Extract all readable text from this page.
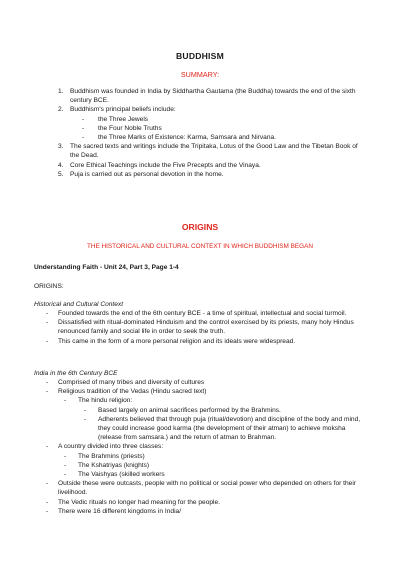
BUDDHISM
SUMMARY:
1. Buddhism was founded in India by Siddhartha Gautama (the Buddha) towards the end of the sixth century BCE.
2. Buddhism's principal beliefs include:
- the Three Jewels
- the Four Noble Truths
- the Three Marks of Existence: Karma, Samsara and Nirvana.
3. The sacred texts and writings include the Tripitaka, Lotus of the Good Law and the Tibetan Book of the Dead.
4. Core Ethical Teachings include the Five Precepts and the Vinaya.
5. Puja is carried out as personal devotion in the home.
ORIGINS
THE HISTORICAL AND CULTURAL CONTEXT IN WHICH BUDDHISM BEGAN
Understanding Faith - Unit 24, Part 3, Page 1-4
ORIGINS:
Historical and Cultural Context
- Founded towards the end of the 6th century BCE - a time of spiritual, intellectual and social turmoil.
- Dissatisfied with ritual-dominated Hinduism and the control exercised by its priests, many holy Hindus renounced family and social life in order to seek the truth.
- This came in the form of a more personal religion and its ideals were widespread.
India in the 6th Century BCE
- Comprised of many tribes and diversity of cultures
- Religious tradition of the Vedas (Hindu sacred text)
- The hindu religion:
- Based largely on animal sacrifices performed by the Brahmins.
- Adherents believed that through puja (ritual/devotion) and discipline of the body and mind, they could increase good karma (the development of their atman) to achieve moksha (release from samsara.) and the return of atman to Brahman.
- A country divided into three classes:
- The Brahmins (priests)
- The Kshatriyas (knights)
- The Vaishyas (skilled workers
- Outside these were outcasts, people with no political or social power who depended on others for their livelihood.
- The Vedic rituals no longer had meaning for the people.
- There were 16 different kingdoms in India/
